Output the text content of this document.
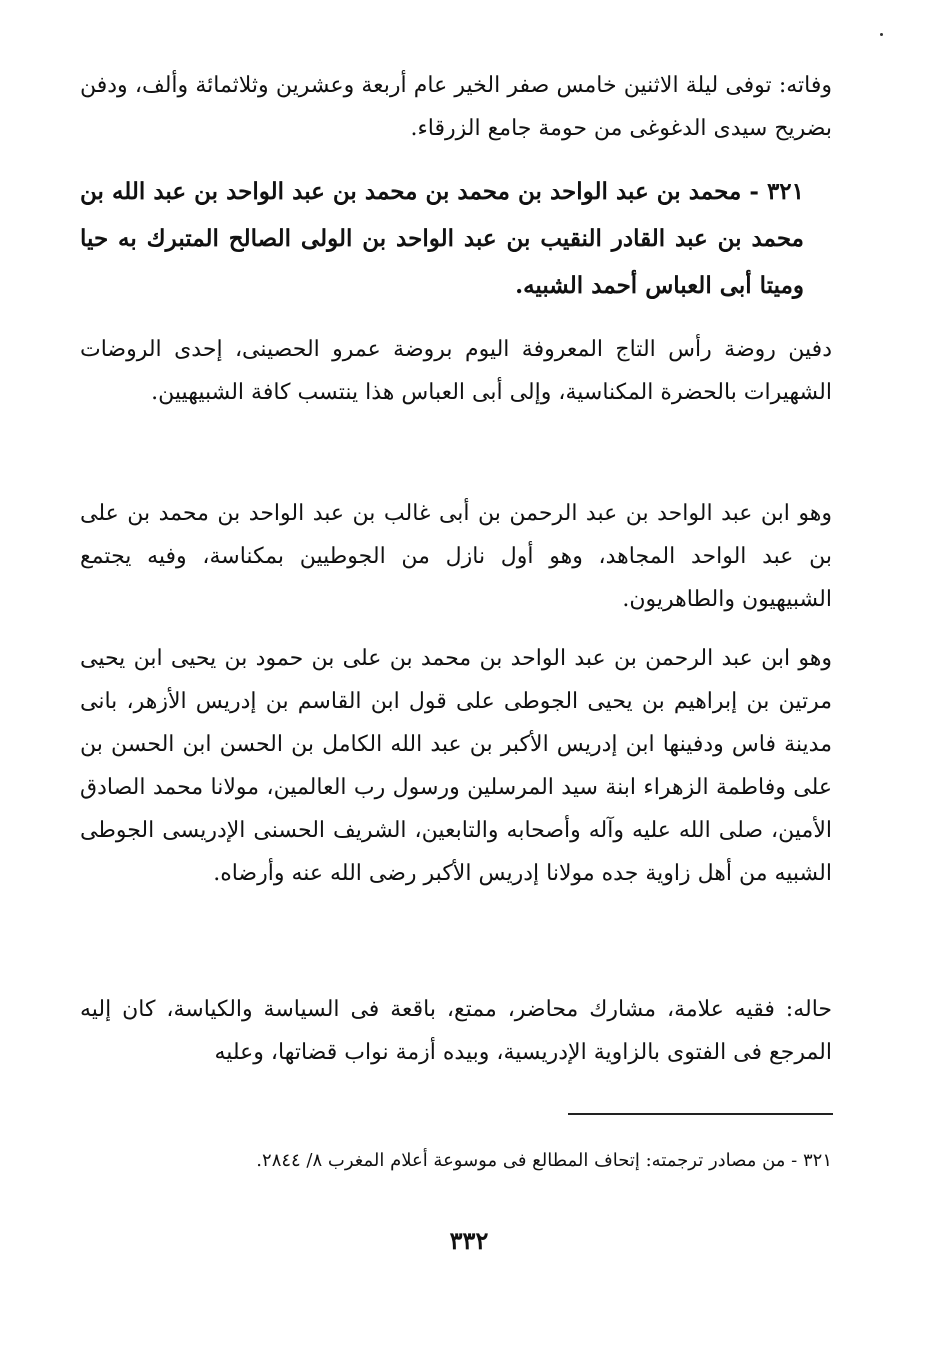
وفاته: توفى ليلة الاثنين خامس صفر الخير عام أربعة وعشرين وثلاثمائة وألف، ودفن بضريح سيدى الدغوغى من حومة جامع الزرقاء.

٣٢١ - محمد بن عبد الواحد بن محمد بن محمد بن عبد الواحد بن عبد الله بن محمد بن عبد القادر النقيب بن عبد الواحد بن الولى الصالح المتبرك به حيا وميتا أبى العباس أحمد الشبيه.

دفين روضة رأس التاج المعروفة اليوم بروضة عمرو الحصينى، إحدى الروضات الشهيرات بالحضرة المكناسية، وإلى أبى العباس هذا ينتسب كافة الشبيهيين.

وهو ابن عبد الواحد بن عبد الرحمن بن أبى غالب بن عبد الواحد بن محمد بن على بن عبد الواحد المجاهد، وهو أول نازل من الجوطيين بمكناسة، وفيه يجتمع الشبيهيون والطاهريون.

وهو ابن عبد الرحمن بن عبد الواحد بن محمد بن على بن حمود بن يحيى ابن يحيى مرتين بن إبراهيم بن يحيى الجوطى على قول ابن القاسم بن إدريس الأزهر، بانى مدينة فاس ودفينها ابن إدريس الأكبر بن عبد الله الكامل بن الحسن ابن الحسن بن على وفاطمة الزهراء ابنة سيد المرسلين ورسول رب العالمين، مولانا محمد الصادق الأمين، صلى الله عليه وآله وأصحابه والتابعين، الشريف الحسنى الإدريسى الجوطى الشبيه من أهل زاوية جده مولانا إدريس الأكبر رضى الله عنه وأرضاه.

حاله: فقيه علامة، مشارك محاضر، ممتع، باقعة فى السياسة والكياسة، كان إليه المرجع فى الفتوى بالزاوية الإدريسية، وبيده أزمة نواب قضاتها، وعليه

٣٢١ - من مصادر ترجمته: إتحاف المطالع فى موسوعة أعلام المغرب ٨/ ٢٨٤٤.

٣٣٢
